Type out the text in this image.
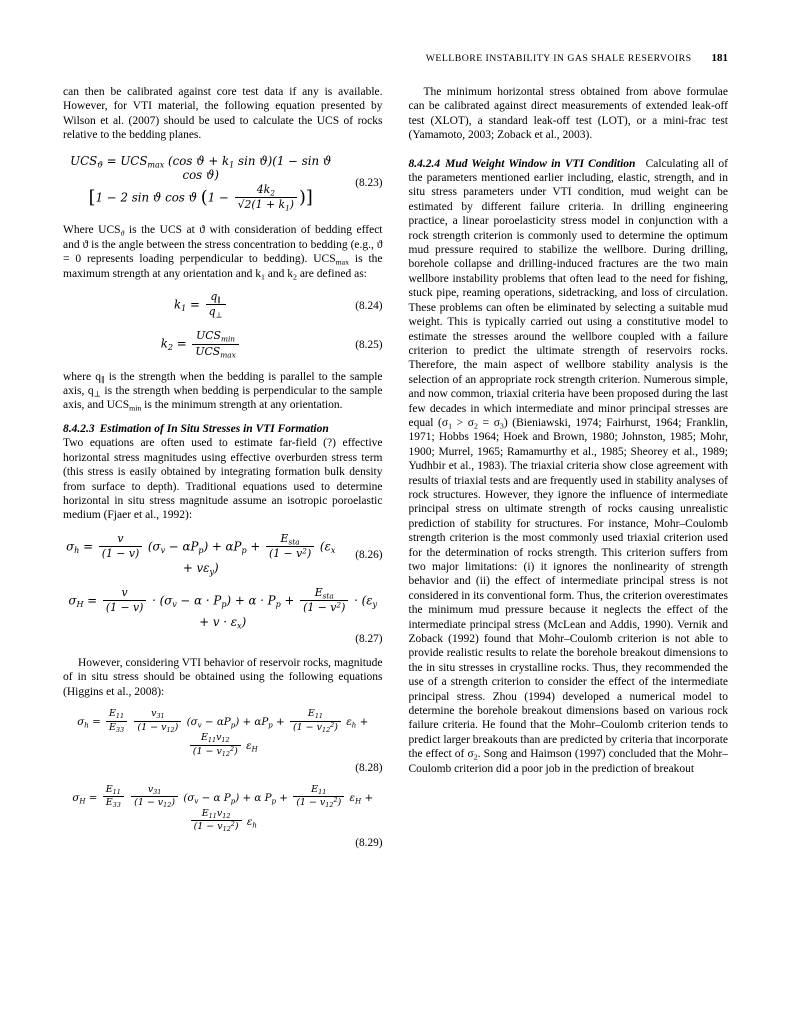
WELLBORE INSTABILITY IN GAS SHALE RESERVOIRS 181

can then be calibrated against core test data if any is available. However, for VTI material, the following equation presented by Wilson et al. (2007) should be used to calculate the UCS of rocks relative to the bedding planes.

$UCS_ϑ = UCS_{max}$ (cos $ϑ + k_1$ sin ϑ)(1 − sin ϑ cos ϑ)
[1 − 2 sin ϑ cos ϑ ($1 - \frac{4k_2}{√2(1 + k_1)}$ )]
(8.23)

Where $UCS_ϑ$ is the UCS at ϑ with consideration of bedding effect and ϑ is the angle between the stress concentration to bedding (e.g., ϑ = 0 represents loading perpendicular to bedding). $UCS_{max}$ is the maximum strength at any orientation and $k_1$ and $k_2$ are defined as:

$k_1 = \frac{q_\parallel}{q_\perp}$	(8.24)
$k_2 = \frac{UCS_{min}}{UCS_{max}}$	(8.25)

where $q_\parallel$ is the strength when the bedding is parallel to the sample axis, $q_\perp$ is the strength when bedding is perpendicular to the sample axis, and $UCS_{min}$ is the minimum strength at any orientation.

8.4.2.3 Estimation of In Situ Stresses in VTI Formation

Two equations are often used to estimate far-field (?) effective horizontal stress magnitudes using effective overburden stress term (this stress is easily obtained by integrating formation bulk density from surface to depth). Traditional equations used to determine horizontal in situ stress magnitude assume an isotropic poroelastic medium (Fjaer et al., 1992):

$\sigma_h = \frac{v}{(1 - v)} (\sigma_v - \alpha P_p) + \alpha P_p + \frac{E_{sta}}{(1 - v^2)} (\varepsilon_x + v\varepsilon_y)$
(8.26)
$\sigma_H = \frac{v}{(1 - v)} \cdot (\sigma_v - \alpha \cdot P_p) + \alpha \cdot P_p + \frac{E_{sta}}{(1 - v^2)} \cdot (\varepsilon_y + v \cdot \varepsilon_x)$
(8.27)

However, considering VTI behavior of reservoir rocks, magnitude of in situ stress should be obtained using the following equations (Higgins et al., 2008):

$\sigma_h = \frac{E_{11}}{E_{33}}$
$\frac{v_{31}}{(1 - v_{12})} (\sigma_v - \alpha P_p) + \alpha P_p + \frac{E_{11}}{(1 - v_{12}^2)} \varepsilon_h$ +
$\frac{E_{11}v_{12}}{(1 - v_{12}^2)} \varepsilon_H$
(8.28)
$\sigma_H = \frac{E_{11}}{E_{33}}$
$\frac{v_{31}}{(1 - v_{12})} (\sigma_v - \alpha$ $P_p) + \alpha$ $P_p + \frac{E_{11}}{(1 - v_{12}^2)} \varepsilon_H$ +
$\frac{E_{11}v_{12}}{(1 - v_{12}^2)} \varepsilon_h$
(8.29)

The minimum horizontal stress obtained from above formulae can be calibrated against direct measurements of extended leak-off test (XLOT), a standard leak-off test (LOT), or a mini-frac test (Yamamoto, 2003; Zoback et al., 2003).

8.4.2.4 Mud Weight Window in VTI Condition Calculating all of the parameters mentioned earlier including, elastic, strength, and in situ stress parameters under VTI condition, mud weight can be estimated by different failure criteria. In drilling engineering practice, a linear poroelasticity stress model in conjunction with a rock strength criterion is commonly used to determine the optimum mud pressure required to stabilize the wellbore. During drilling, borehole collapse and drilling-induced fractures are the two main wellbore instability problems that often lead to the need for fishing, stuck pipe, reaming operations, sidetracking, and loss of circulation. These problems can often be eliminated by selecting a suitable mud weight. This is typically carried out using a constitutive model to estimate the stresses around the wellbore coupled with a failure criterion to predict the ultimate strength of reservoirs rocks. Therefore, the main aspect of wellbore stability analysis is the selection of an appropriate rock strength criterion. Numerous simple, and now common, triaxial criteria have been proposed during the last few decades in which intermediate and minor principal stresses are equal $(\sigma_1 > \sigma_2 = \sigma_3)$ (Bieniawski, 1974; Fairhurst, 1964; Franklin, 1971; Hobbs 1964; Hoek and Brown, 1980; Johnston, 1985; Mohr, 1900; Murrel, 1965; Ramamurthy et al., 1985; Sheorey et al., 1989; Yudhbir et al., 1983). The triaxial criteria show close agreement with results of triaxial tests and are frequently used in stability analyses of rock structures. However, they ignore the influence of intermediate principal stress on ultimate strength of rocks causing unrealistic prediction of stability for structures. For instance, Mohr–Coulomb strength criterion is the most commonly used triaxial criterion used for the determination of rocks strength. This criterion suffers from two major limitations: (i) it ignores the nonlinearity of strength behavior and (ii) the effect of intermediate principal stress is not considered in its conventional form. Thus, the criterion overestimates the minimum mud pressure because it neglects the effect of the intermediate principal stress (McLean and Addis, 1990). Vernik and Zoback (1992) found that Mohr–Coulomb criterion is not able to provide realistic results to relate the borehole breakout dimensions to the in situ stresses in crystalline rocks. Thus, they recommended the use of a strength criterion to consider the effect of the intermediate principal stress. Zhou (1994) developed a numerical model to determine the borehole breakout dimensions based on various rock failure criteria. He found that the Mohr–Coulomb criterion tends to predict larger breakouts than are predicted by criteria that incorporate the effect of $\sigma_2$. Song and Haimson (1997) concluded that the Mohr–Coulomb criterion did a poor job in the prediction of breakout
